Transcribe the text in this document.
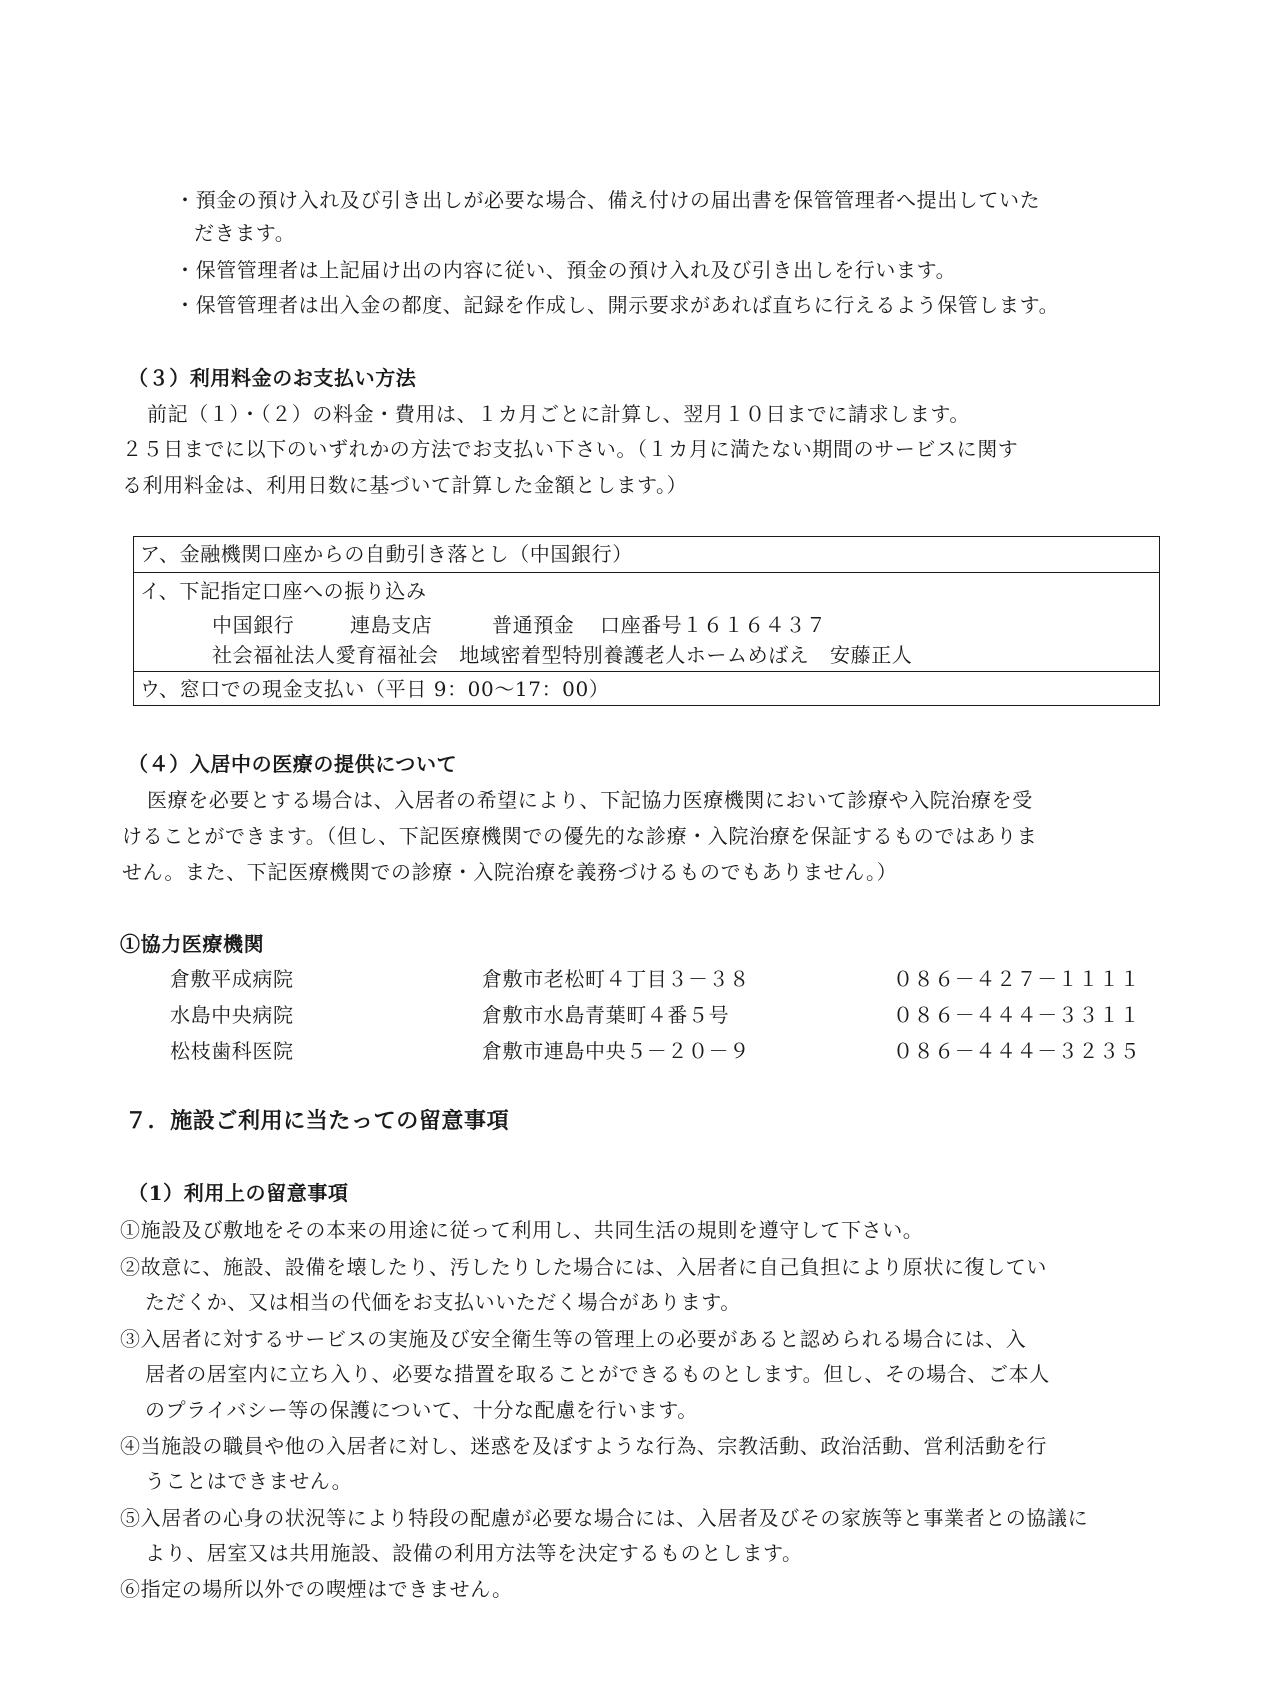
・預金の預け入れ及び引き出しが必要な場合、備え付けの届出書を保管管理者へ提出していた
だきます。
・保管管理者は上記届け出の内容に従い、預金の預け入れ及び引き出しを行います。
・保管管理者は出入金の都度、記録を作成し、開示要求があれば直ちに行えるよう保管します。
（３）利用料金のお支払い方法
前記（１）・（２）の料金・費用は、１カ月ごとに計算し、翌月１０日までに請求します。
２５日までに以下のいずれかの方法でお支払い下さい。（１カ月に満たない期間のサービスに関す
る利用料金は、利用日数に基づいて計算した金額とします。）
ア、金融機関口座からの自動引き落とし（中国銀行）
イ、下記指定口座への振り込み
中国銀行	連島支店	普通預金 口座番号１６１６４３７
社会福祉法人愛育福祉会　地域密着型特別養護老人ホームめばえ　安藤正人
ウ、窓口での現金支払い（平日 9：00～17：00）
（４）入居中の医療の提供について
医療を必要とする場合は、入居者の希望により、下記協力医療機関において診療や入院治療を受
けることができます。（但し、下記医療機関での優先的な診療・入院治療を保証するものではありま
せん。また、下記医療機関での診療・入院治療を義務づけるものでもありません。）
①協力医療機関
倉敷平成病院	倉敷市老松町４丁目３－３８	０８６－４２７－１１１１
水島中央病院	倉敷市水島青葉町４番５号	０８６－４４４－３３１１
松枝歯科医院	倉敷市連島中央５－２０－９	０８６－４４４－３２３５
７．施設ご利用に当たっての留意事項
（1）利用上の留意事項
①施設及び敷地をその本来の用途に従って利用し、共同生活の規則を遵守して下さい。
②故意に、施設、設備を壊したり、汚したりした場合には、入居者に自己負担により原状に復してい
ただくか、又は相当の代価をお支払いいただく場合があります。
③入居者に対するサービスの実施及び安全衛生等の管理上の必要があると認められる場合には、入
居者の居室内に立ち入り、必要な措置を取ることができるものとします。但し、その場合、ご本人
のプライバシー等の保護について、十分な配慮を行います。
④当施設の職員や他の入居者に対し、迷惑を及ぼすような行為、宗教活動、政治活動、営利活動を行
うことはできません。
⑤入居者の心身の状況等により特段の配慮が必要な場合には、入居者及びその家族等と事業者との協議に
より、居室又は共用施設、設備の利用方法等を決定するものとします。
⑥指定の場所以外での喫煙はできません。
